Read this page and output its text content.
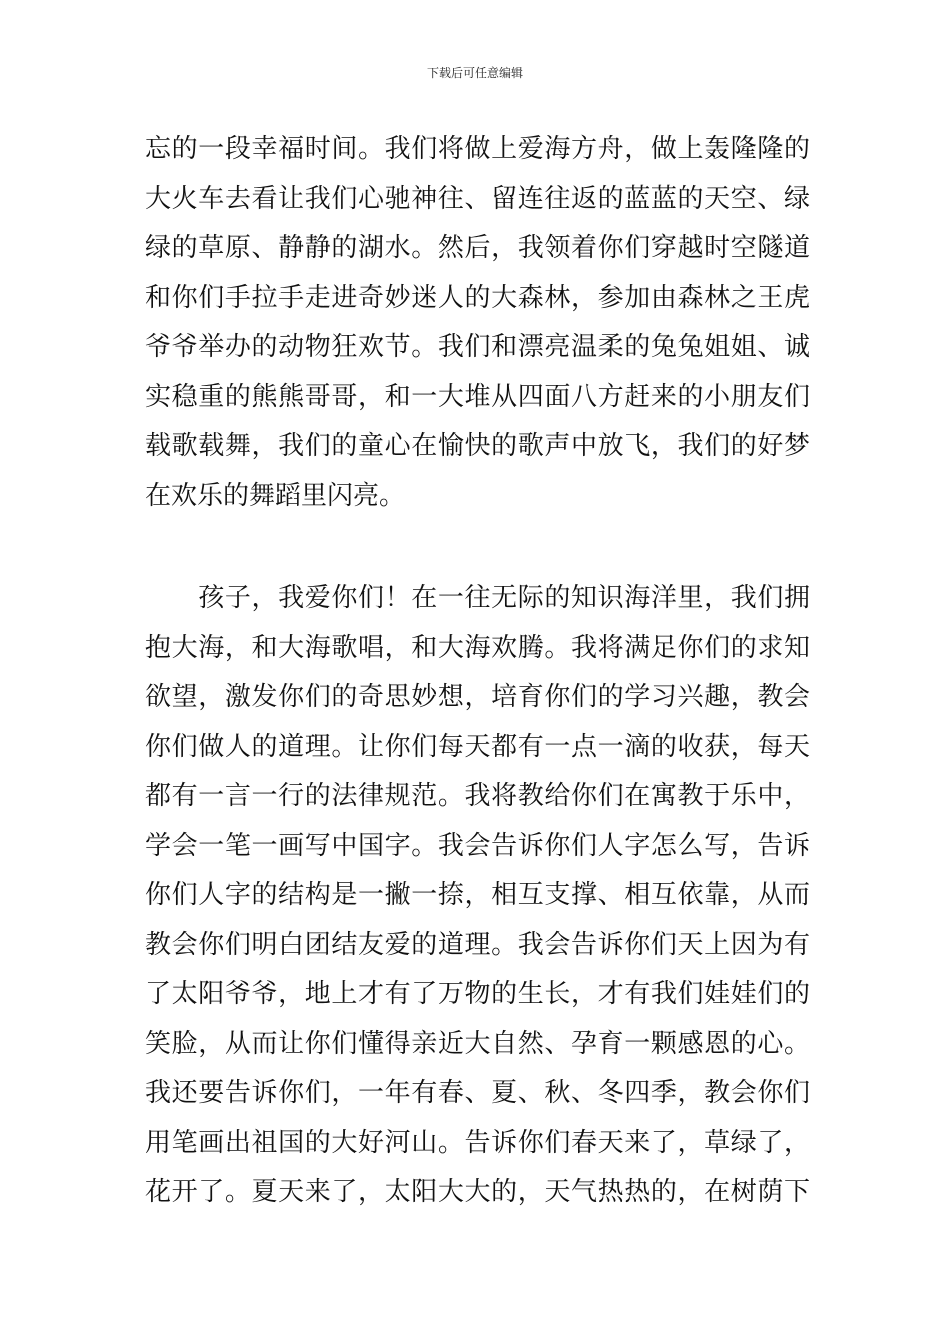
下载后可任意编辑
忘的一段幸福时间。我们将做上爱海方舟，做上轰隆隆的
大火车去看让我们心驰神往、留连往返的蓝蓝的天空、绿
绿的草原、静静的湖水。然后，我领着你们穿越时空隧道
和你们手拉手走进奇妙迷人的大森林，参加由森林之王虎
爷爷举办的动物狂欢节。我们和漂亮温柔的兔兔姐姐、诚
实稳重的熊熊哥哥，和一大堆从四面八方赶来的小朋友们
载歌载舞，我们的童心在愉快的歌声中放飞，我们的好梦
在欢乐的舞蹈里闪亮。
　　孩子，我爱你们！在一往无际的知识海洋里，我们拥
抱大海，和大海歌唱，和大海欢腾。我将满足你们的求知
欲望，激发你们的奇思妙想，培育你们的学习兴趣，教会
你们做人的道理。让你们每天都有一点一滴的收获，每天
都有一言一行的法律规范。我将教给你们在寓教于乐中，
学会一笔一画写中国字。我会告诉你们人字怎么写，告诉
你们人字的结构是一撇一捺，相互支撑、相互依靠，从而
教会你们明白团结友爱的道理。我会告诉你们天上因为有
了太阳爷爷，地上才有了万物的生长，才有我们娃娃们的
笑脸，从而让你们懂得亲近大自然、孕育一颗感恩的心。
我还要告诉你们，一年有春、夏、秋、冬四季，教会你们
用笔画出祖国的大好河山。告诉你们春天来了，草绿了，
花开了。夏天来了，太阳大大的，天气热热的，在树荫下
